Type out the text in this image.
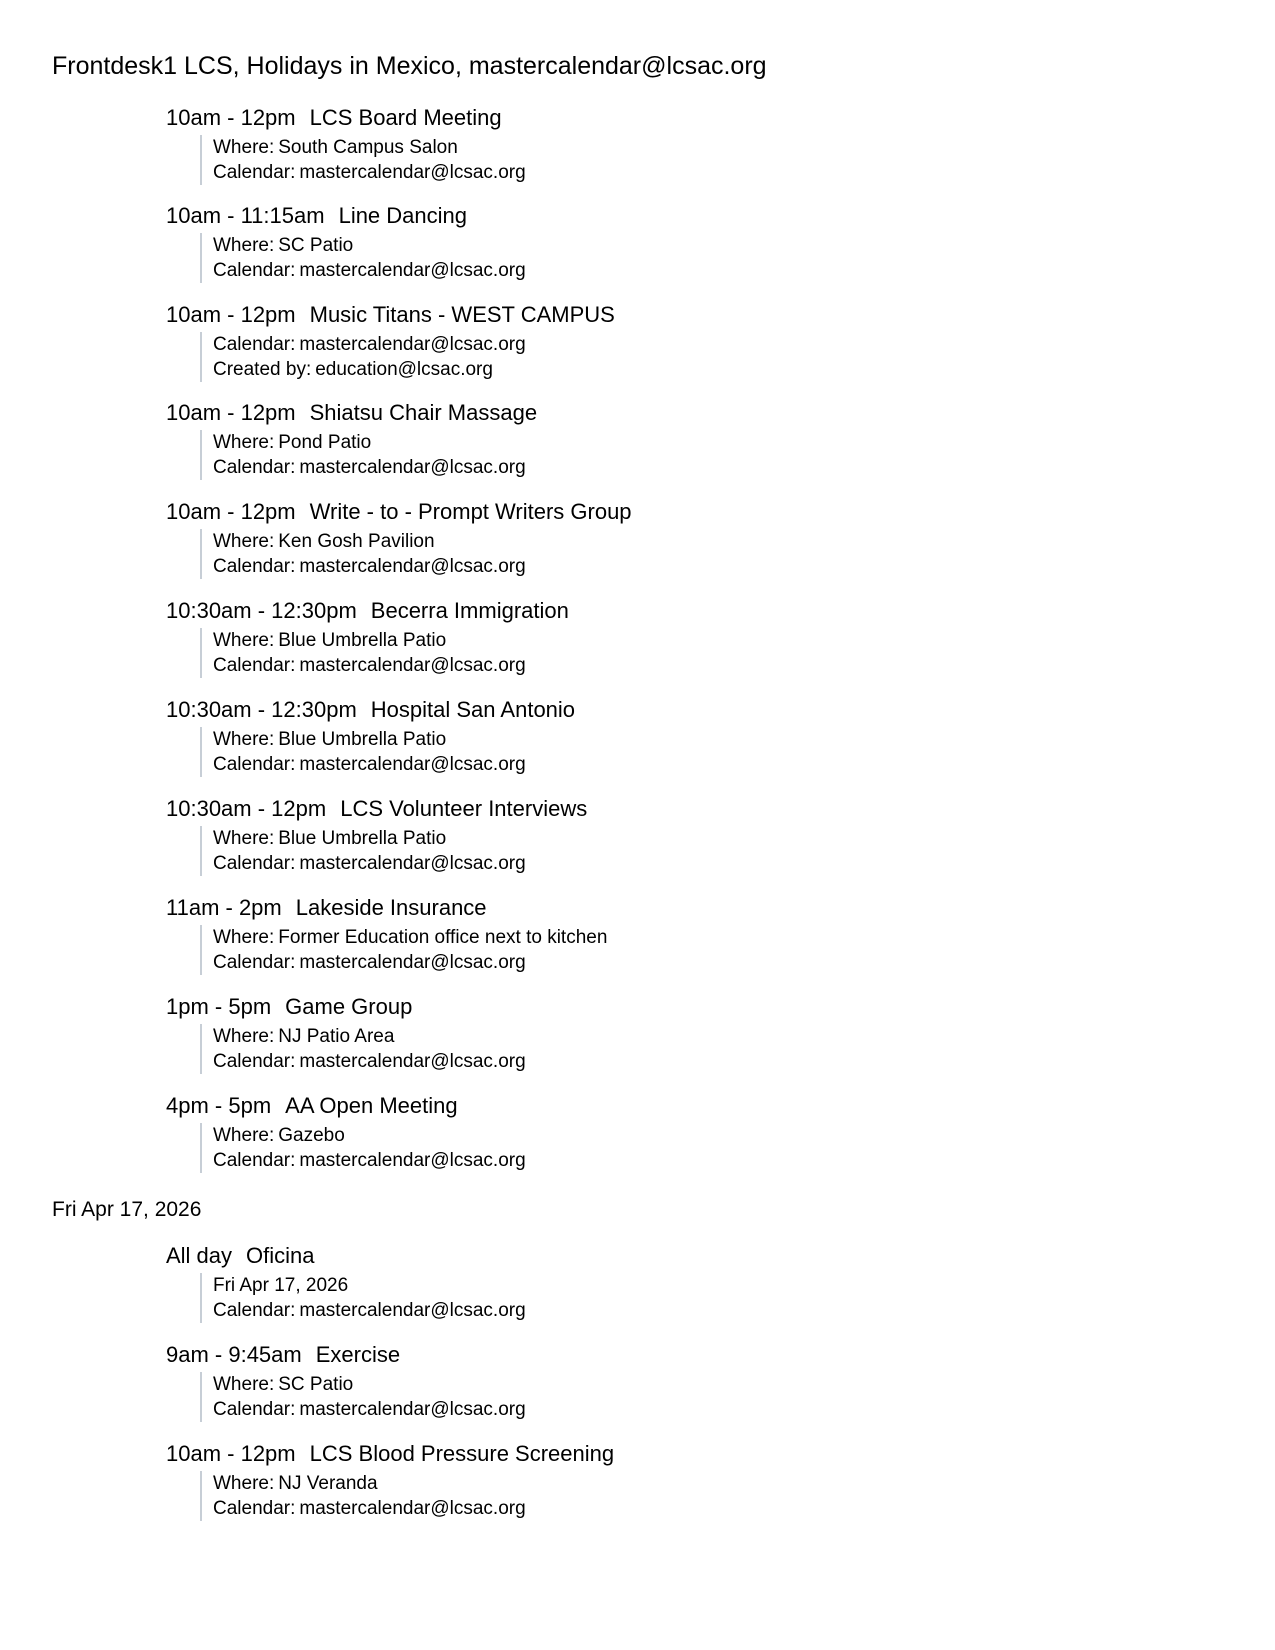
Frontdesk1 LCS, Holidays in Mexico, mastercalendar@lcsac.org
10am - 12pm LCS Board Meeting
Where: South Campus Salon
Calendar: mastercalendar@lcsac.org
10am - 11:15am Line Dancing
Where: SC Patio
Calendar: mastercalendar@lcsac.org
10am - 12pm Music Titans - WEST CAMPUS
Calendar: mastercalendar@lcsac.org
Created by: education@lcsac.org
10am - 12pm Shiatsu Chair Massage
Where: Pond Patio
Calendar: mastercalendar@lcsac.org
10am - 12pm Write - to - Prompt Writers Group
Where: Ken Gosh Pavilion
Calendar: mastercalendar@lcsac.org
10:30am - 12:30pm Becerra Immigration
Where: Blue Umbrella Patio
Calendar: mastercalendar@lcsac.org
10:30am - 12:30pm Hospital San Antonio
Where: Blue Umbrella Patio
Calendar: mastercalendar@lcsac.org
10:30am - 12pm LCS Volunteer Interviews
Where: Blue Umbrella Patio
Calendar: mastercalendar@lcsac.org
11am - 2pm Lakeside Insurance
Where: Former Education office next to kitchen
Calendar: mastercalendar@lcsac.org
1pm - 5pm Game Group
Where: NJ Patio Area
Calendar: mastercalendar@lcsac.org
4pm - 5pm AA Open Meeting
Where: Gazebo
Calendar: mastercalendar@lcsac.org
Fri Apr 17, 2026
All day Oficina
Fri Apr 17, 2026
Calendar: mastercalendar@lcsac.org
9am - 9:45am Exercise
Where: SC Patio
Calendar: mastercalendar@lcsac.org
10am - 12pm LCS Blood Pressure Screening
Where: NJ Veranda
Calendar: mastercalendar@lcsac.org
